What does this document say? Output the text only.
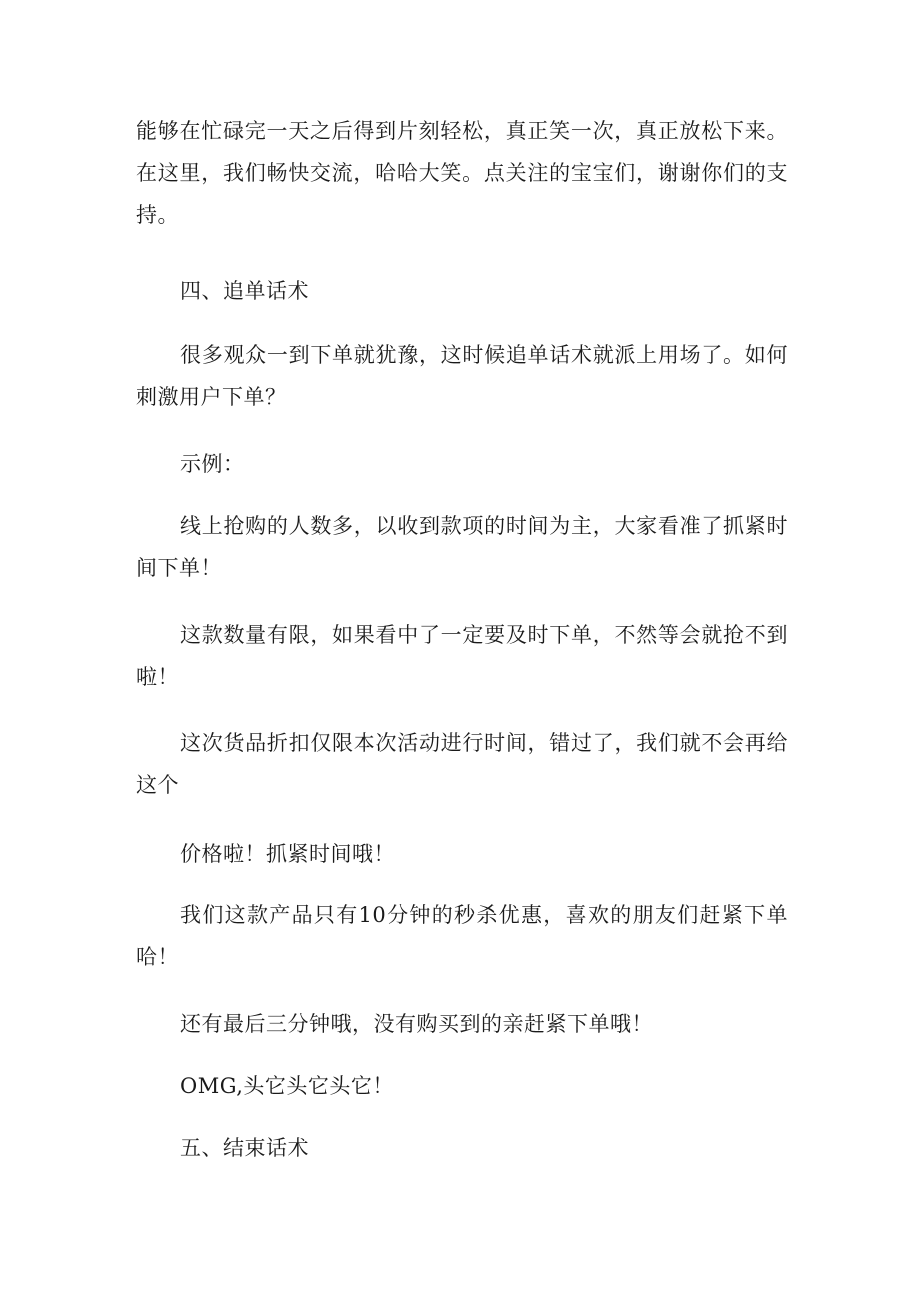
能够在忙碌完一天之后得到片刻轻松，真正笑一次，真正放松下来。在这里，我们畅快交流，哈哈大笑。点关注的宝宝们，谢谢你们的支持。

四、追单话术

很多观众一到下单就犹豫，这时候追单话术就派上用场了。如何刺激用户下单？

示例：

线上抢购的人数多，以收到款项的时间为主，大家看准了抓紧时间下单！

这款数量有限，如果看中了一定要及时下单，不然等会就抢不到啦！

这次货品折扣仅限本次活动进行时间，错过了，我们就不会再给这个

价格啦！抓紧时间哦！

我们这款产品只有10分钟的秒杀优惠，喜欢的朋友们赶紧下单哈！

还有最后三分钟哦，没有购买到的亲赶紧下单哦！

OMG,头它头它头它！

五、结束话术
